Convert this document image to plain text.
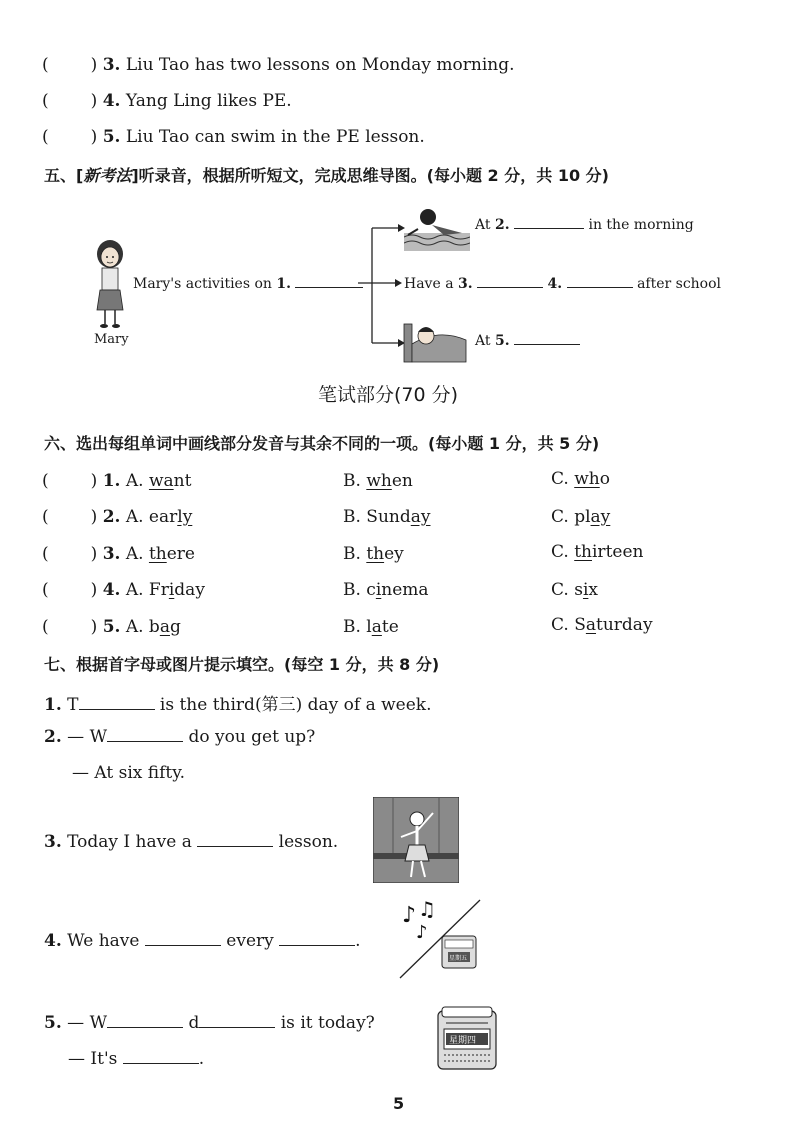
( ) 3. Liu Tao has two lessons on Monday morning.
( ) 4. Yang Ling likes PE.
( ) 5. Liu Tao can swim in the PE lesson.
五、[新考法]听录音，根据所听短文，完成思维导图。(每小题 2 分，共 10 分)
Mary
Mary's activities on 1.
At 2.	in the morning
Have a 3.	4.	after school
At 5.
笔试部分(70 分)
六、选出每组单词中画线部分发音与其余不同的一项。(每小题 1 分，共 5 分)
( ) 1. A. want	B. when	C. who
( ) 2. A. early	B. Sunday	C. play
( ) 3. A. there	B. they	C. thirteen
( ) 4. A. Friday	B. cinema	C. six
( ) 5. A. bag	B. late	C. Saturday
七、根据首字母或图片提示填空。(每空 1 分，共 8 分)
1. T	is the third(第三) day of a week.
2. — W	do you get up?
— At six fifty.
3. Today I have a	lesson.
♪ ♫
♪
星期五
4. We have	every	.
星期四
5. — W	d	is it today?
— It's	.
5
